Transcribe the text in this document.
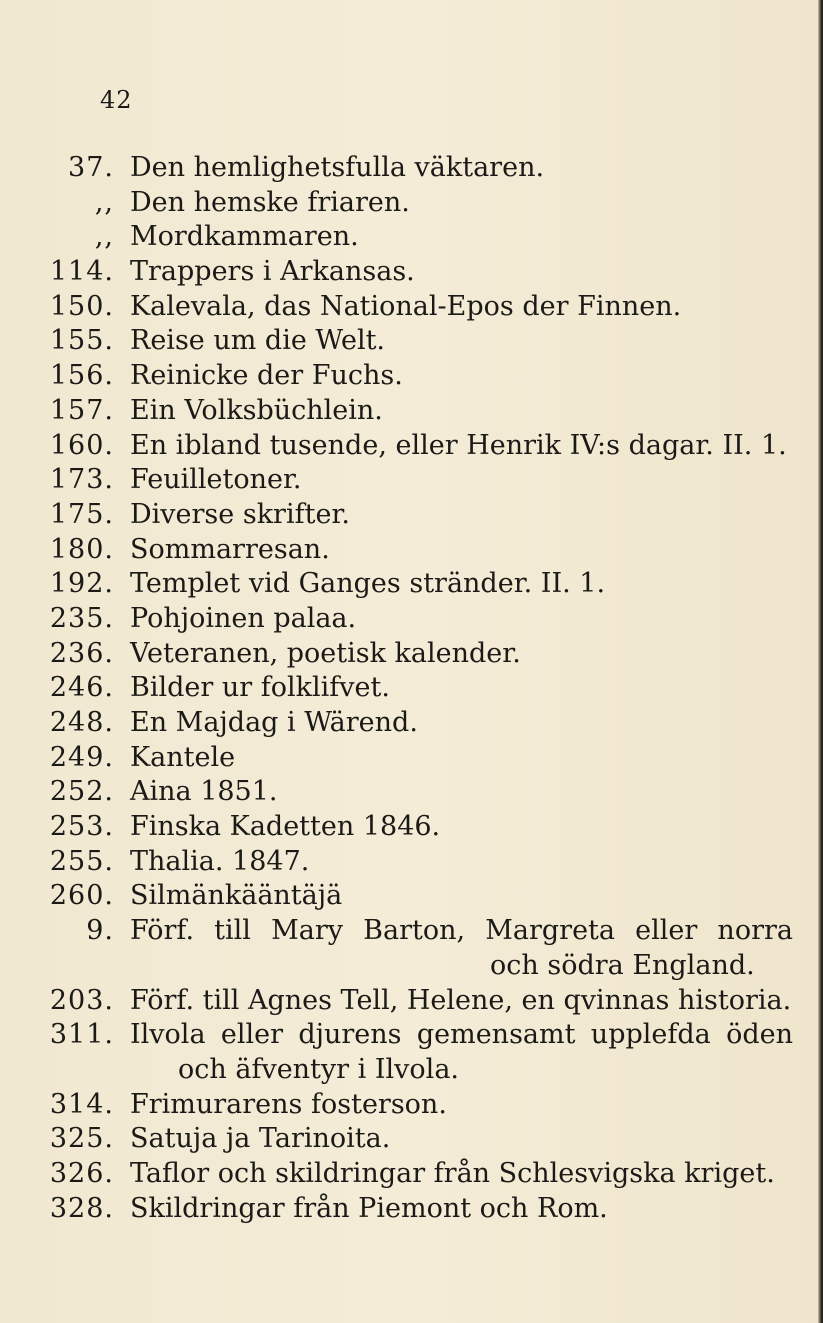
42
37. Den hemlighetsfulla väktaren.
,, Den hemske friaren.
,, Mordkammaren.
114. Trappers i Arkansas.
150. Kalevala, das National-Epos der Finnen.
155. Reise um die Welt.
156. Reinicke der Fuchs.
157. Ein Volksbüchlein.
160. En ibland tusende, eller Henrik IV:s dagar. II. 1.
173. Feuilletoner.
175. Diverse skrifter.
180. Sommarresan.
192. Templet vid Ganges stränder. II. 1.
235. Pohjoinen palaa.
236. Veteranen, poetisk kalender.
246. Bilder ur folklifvet.
248. En Majdag i Wärend.
249. Kantele
252. Aina 1851.
253. Finska Kadetten 1846.
255. Thalia. 1847.
260. Silmänkääntäjä
9. Förf. till Mary Barton, Margreta eller norra
och södra England.
203. Förf. till Agnes Tell, Helene, en qvinnas historia.
311. Ilvola eller djurens gemensamt upplefda öden
och äfventyr i Ilvola.
314. Frimurarens fosterson.
325. Satuja ja Tarinoita.
326. Taflor och skildringar från Schlesvigska kriget.
328. Skildringar från Piemont och Rom.
